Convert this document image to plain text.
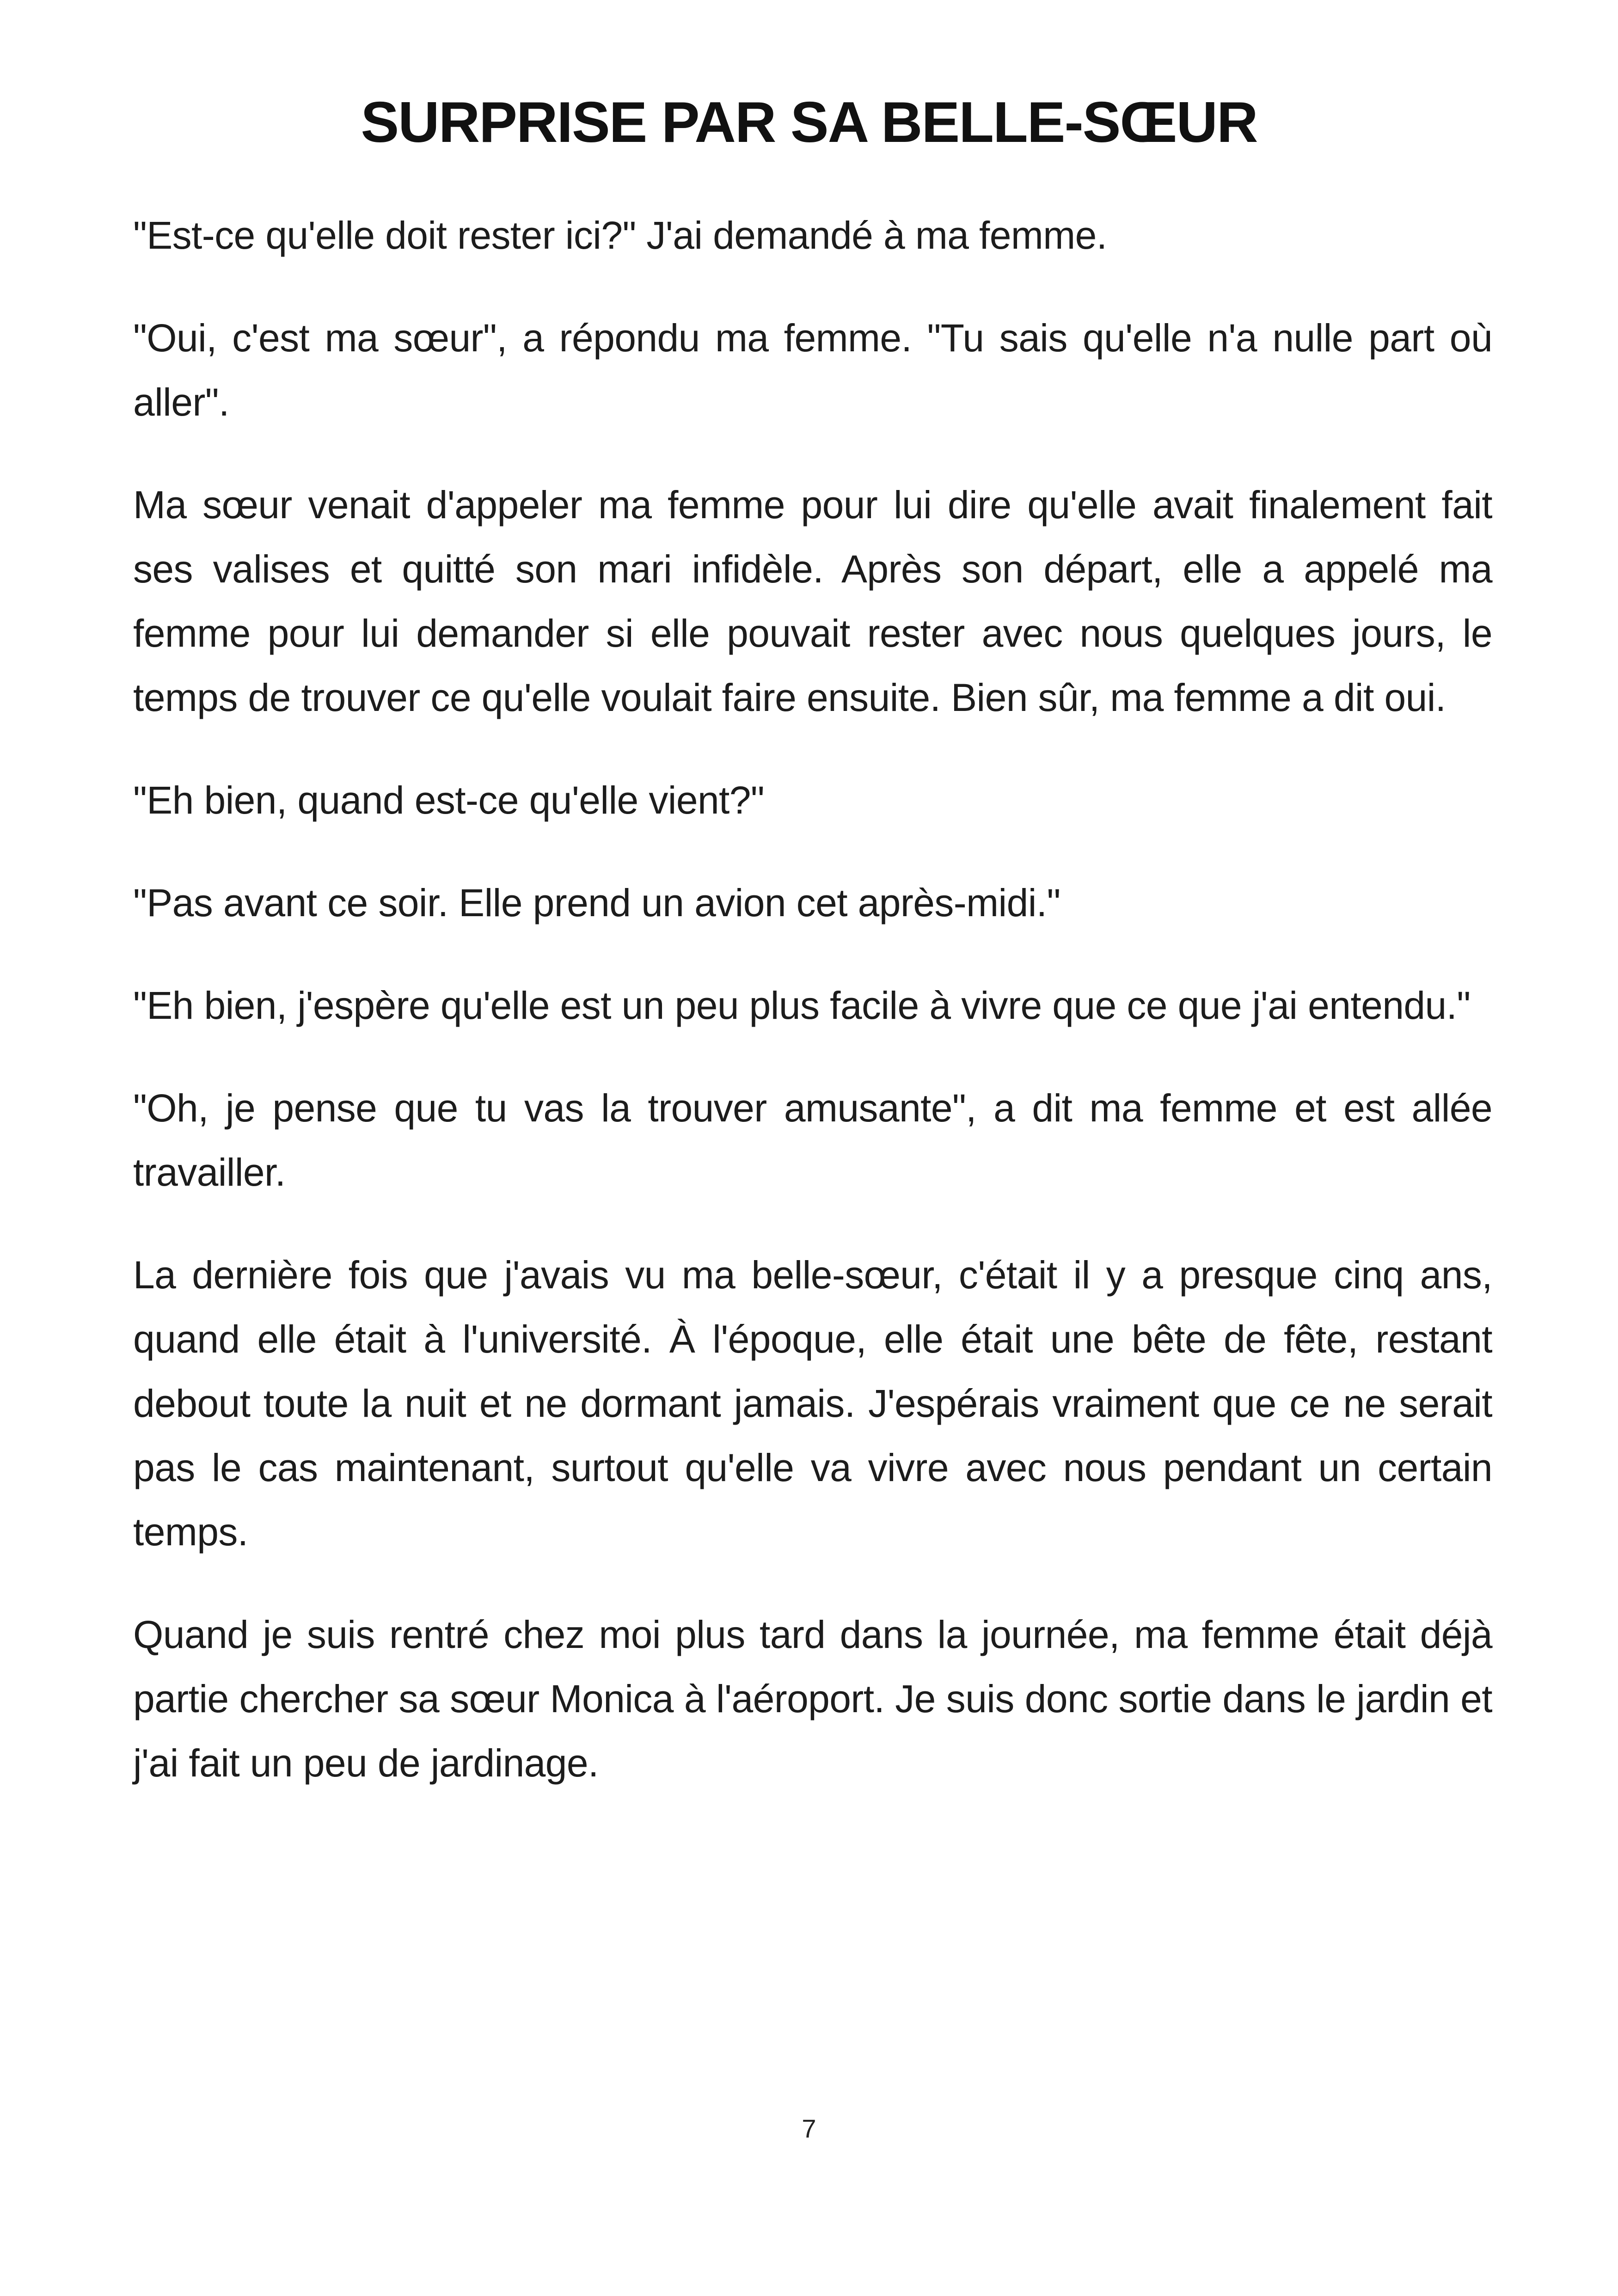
SURPRISE PAR SA BELLE-SŒUR

"Est-ce qu'elle doit rester ici?" J'ai demandé à ma femme.

"Oui, c'est ma sœur", a répondu ma femme. "Tu sais qu'elle n'a nulle part où aller".

Ma sœur venait d'appeler ma femme pour lui dire qu'elle avait finalement fait ses valises et quitté son mari infidèle. Après son départ, elle a appelé ma femme pour lui demander si elle pouvait rester avec nous quelques jours, le temps de trouver ce qu'elle voulait faire ensuite. Bien sûr, ma femme a dit oui.

"Eh bien, quand est-ce qu'elle vient?"

"Pas avant ce soir. Elle prend un avion cet après-midi."

"Eh bien, j'espère qu'elle est un peu plus facile à vivre que ce que j'ai entendu."

"Oh, je pense que tu vas la trouver amusante", a dit ma femme et est allée travailler.

La dernière fois que j'avais vu ma belle-sœur, c'était il y a presque cinq ans, quand elle était à l'université. À l'époque, elle était une bête de fête, restant debout toute la nuit et ne dormant jamais. J'espérais vraiment que ce ne serait pas le cas maintenant, surtout qu'elle va vivre avec nous pendant un certain temps.

Quand je suis rentré chez moi plus tard dans la journée, ma femme était déjà partie chercher sa sœur Monica à l'aéroport. Je suis donc sortie dans le jardin et j'ai fait un peu de jardinage.

7
